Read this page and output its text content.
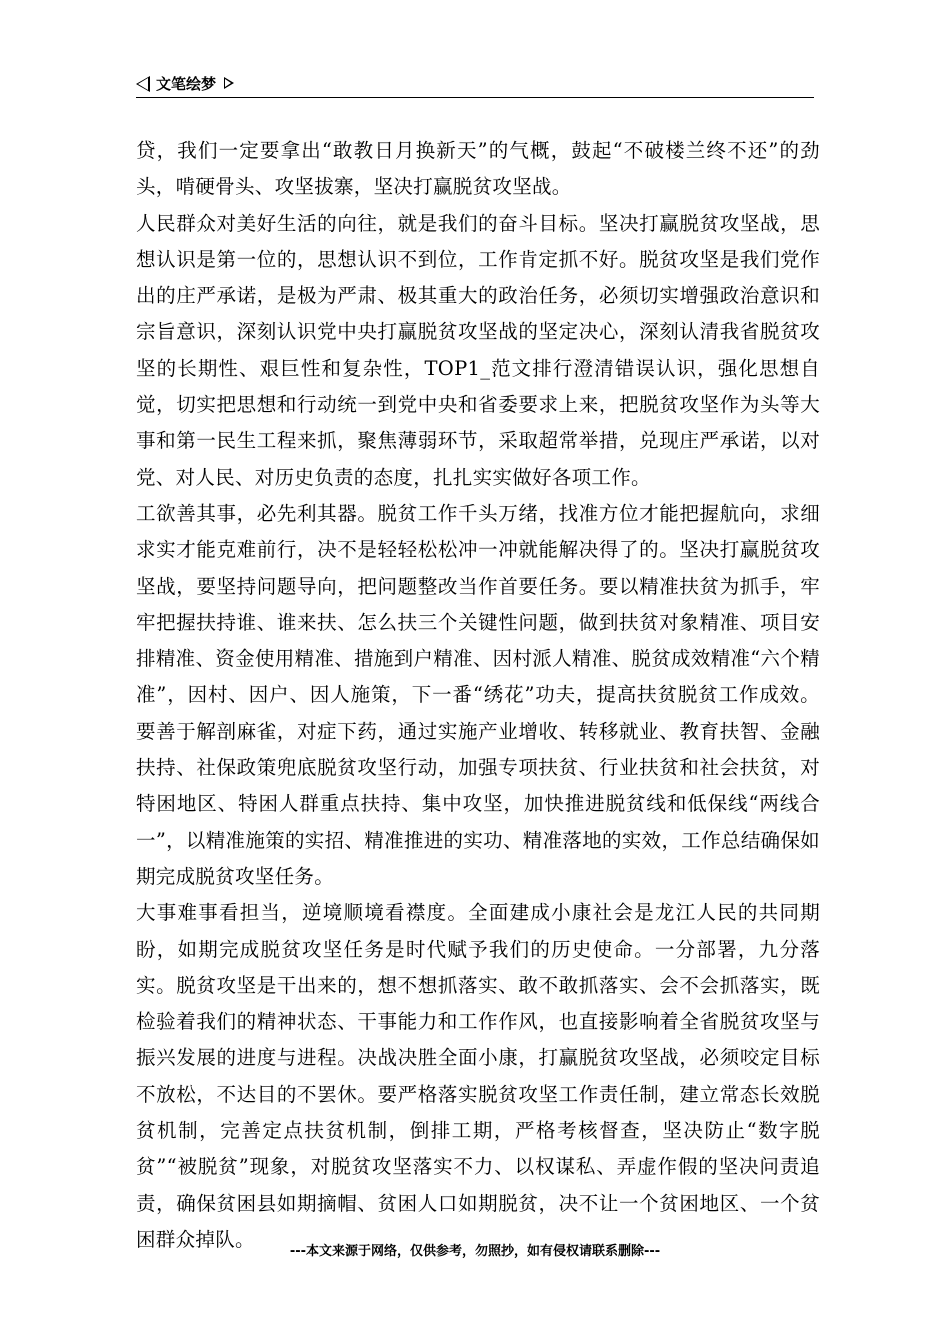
文笔绘梦

贷，我们一定要拿出“敢教日月换新天”的气概，鼓起“不破楼兰终不还”的劲头，啃硬骨头、攻坚拔寨，坚决打赢脱贫攻坚战。

人民群众对美好生活的向往，就是我们的奋斗目标。坚决打赢脱贫攻坚战，思想认识是第一位的，思想认识不到位，工作肯定抓不好。脱贫攻坚是我们党作出的庄严承诺，是极为严肃、极其重大的政治任务，必须切实增强政治意识和宗旨意识，深刻认识党中央打赢脱贫攻坚战的坚定决心，深刻认清我省脱贫攻坚的长期性、艰巨性和复杂性，TOP1_范文排行澄清错误认识，强化思想自觉，切实把思想和行动统一到党中央和省委要求上来，把脱贫攻坚作为头等大事和第一民生工程来抓，聚焦薄弱环节，采取超常举措，兑现庄严承诺，以对党、对人民、对历史负责的态度，扎扎实实做好各项工作。

工欲善其事，必先利其器。脱贫工作千头万绪，找准方位才能把握航向，求细求实才能克难前行，决不是轻轻松松冲一冲就能解决得了的。坚决打赢脱贫攻坚战，要坚持问题导向，把问题整改当作首要任务。要以精准扶贫为抓手，牢牢把握扶持谁、谁来扶、怎么扶三个关键性问题，做到扶贫对象精准、项目安排精准、资金使用精准、措施到户精准、因村派人精准、脱贫成效精准“六个精准”，因村、因户、因人施策，下一番“绣花”功夫，提高扶贫脱贫工作成效。要善于解剖麻雀，对症下药，通过实施产业增收、转移就业、教育扶智、金融扶持、社保政策兜底脱贫攻坚行动，加强专项扶贫、行业扶贫和社会扶贫，对特困地区、特困人群重点扶持、集中攻坚，加快推进脱贫线和低保线“两线合一”，以精准施策的实招、精准推进的实功、精准落地的实效，工作总结确保如期完成脱贫攻坚任务。

大事难事看担当，逆境顺境看襟度。全面建成小康社会是龙江人民的共同期盼，如期完成脱贫攻坚任务是时代赋予我们的历史使命。一分部署，九分落实。脱贫攻坚是干出来的，想不想抓落实、敢不敢抓落实、会不会抓落实，既检验着我们的精神状态、干事能力和工作作风，也直接影响着全省脱贫攻坚与振兴发展的进度与进程。决战决胜全面小康，打赢脱贫攻坚战，必须咬定目标不放松，不达目的不罢休。要严格落实脱贫攻坚工作责任制，建立常态长效脱贫机制，完善定点扶贫机制，倒排工期，严格考核督查，坚决防止“数字脱贫”“被脱贫”现象，对脱贫攻坚落实不力、以权谋私、弄虚作假的坚决问责追责，确保贫困县如期摘帽、贫困人口如期脱贫，决不让一个贫困地区、一个贫困群众掉队。

---本文来源于网络，仅供参考，勿照抄，如有侵权请联系删除---
